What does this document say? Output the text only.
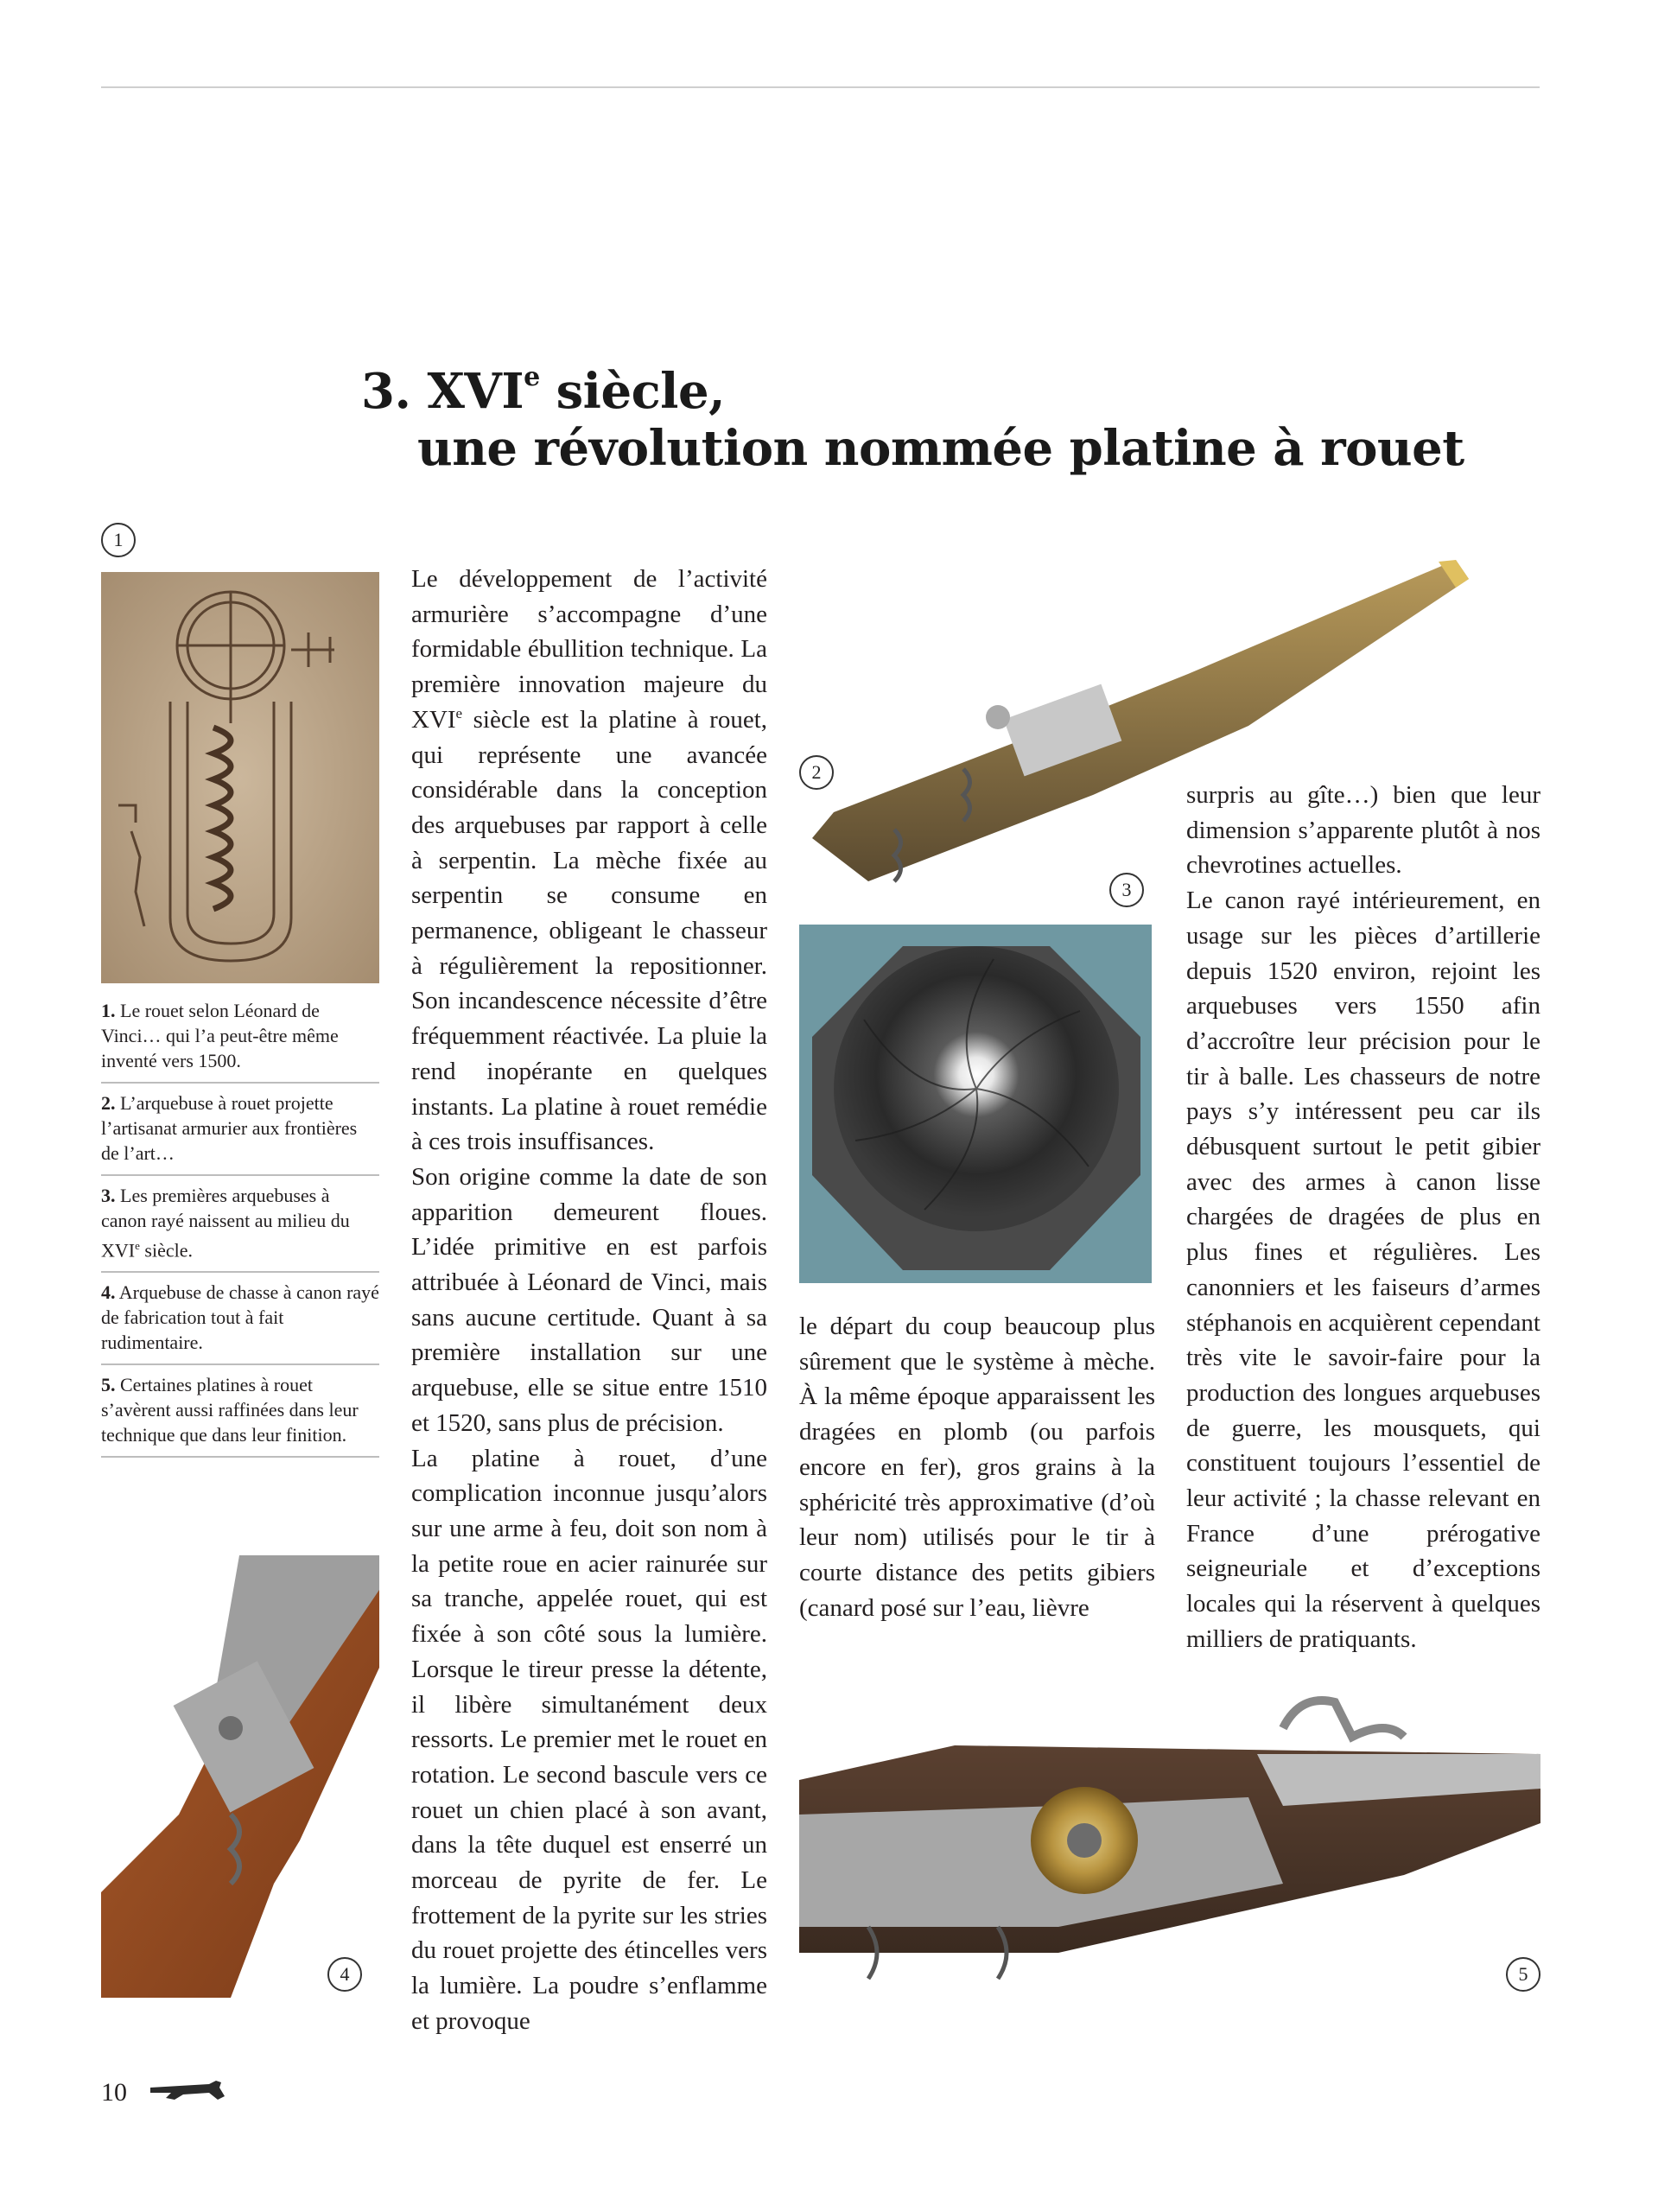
3. XVIe siècle,
une révolution nommée platine à rouet
1
1. Le rouet selon Léonard de Vinci… qui l’a peut-être même inventé vers 1500.
2. L’arquebuse à rouet projette l’artisanat armurier aux frontières de l’art…
3. Les premières arquebuses à canon rayé naissent au milieu du XVIe siècle.
4. Arquebuse de chasse à canon rayé de fabrication tout à fait rudimentaire.
5. Certaines platines à rouet s’avèrent aussi raffinées dans leur technique que dans leur finition.
4

Le développement de l’activité armurière s’accompagne d’une formidable ébullition technique. La première innovation majeure du XVIe siècle est la platine à rouet, qui représente une avancée considérable dans la conception des arquebuses par rapport à celle à serpentin. La mèche fixée au serpentin se consume en permanence, obligeant le chasseur à régulièrement la repositionner. Son incandescence nécessite d’être fréquemment réactivée. La pluie la rend inopérante en quelques instants. La platine à rouet remédie à ces trois insuffisances.

Son origine comme la date de son apparition demeurent floues. L’idée primitive en est parfois attribuée à Léonard de Vinci, mais sans aucune certitude. Quant à sa première installation sur une arquebuse, elle se situe entre 1510 et 1520, sans plus de précision.

La platine à rouet, d’une complication inconnue jusqu’alors sur une arme à feu, doit son nom à la petite roue en acier rainurée sur sa tranche, appelée rouet, qui est fixée à son côté sous la lumière. Lorsque le tireur presse la détente, il libère simultanément deux ressorts. Le premier met le rouet en rotation. Le second bascule vers ce rouet un chien placé à son avant, dans la tête duquel est enserré un morceau de pyrite de fer. Le frottement de la pyrite sur les stries du rouet projette des étincelles vers la lumière. La poudre s’enflamme et provoque

2
3

le départ du coup beaucoup plus sûrement que le système à mèche. À la même époque apparaissent les dragées en plomb (ou parfois encore en fer), gros grains à la sphéricité très approximative (d’où leur nom) utilisés pour le tir à courte distance des petits gibiers (canard posé sur l’eau, lièvre

surpris au gîte…) bien que leur dimension s’apparente plutôt à nos chevrotines actuelles.

Le canon rayé intérieurement, en usage sur les pièces d’artillerie depuis 1520 environ, rejoint les arquebuses vers 1550 afin d’accroître leur précision pour le tir à balle. Les chasseurs de notre pays s’y intéressent peu car ils débusquent surtout le petit gibier avec des armes à canon lisse chargées de dragées de plus en plus fines et régulières. Les canonniers et les faiseurs d’armes stéphanois en acquièrent cependant très vite le savoir-faire pour la production des longues arquebuses de guerre, les mousquets, qui constituent toujours l’essentiel de leur activité ; la chasse relevant en France d’une prérogative seigneuriale et d’exceptions locales qui la réservent à quelques milliers de pratiquants.

5
10
